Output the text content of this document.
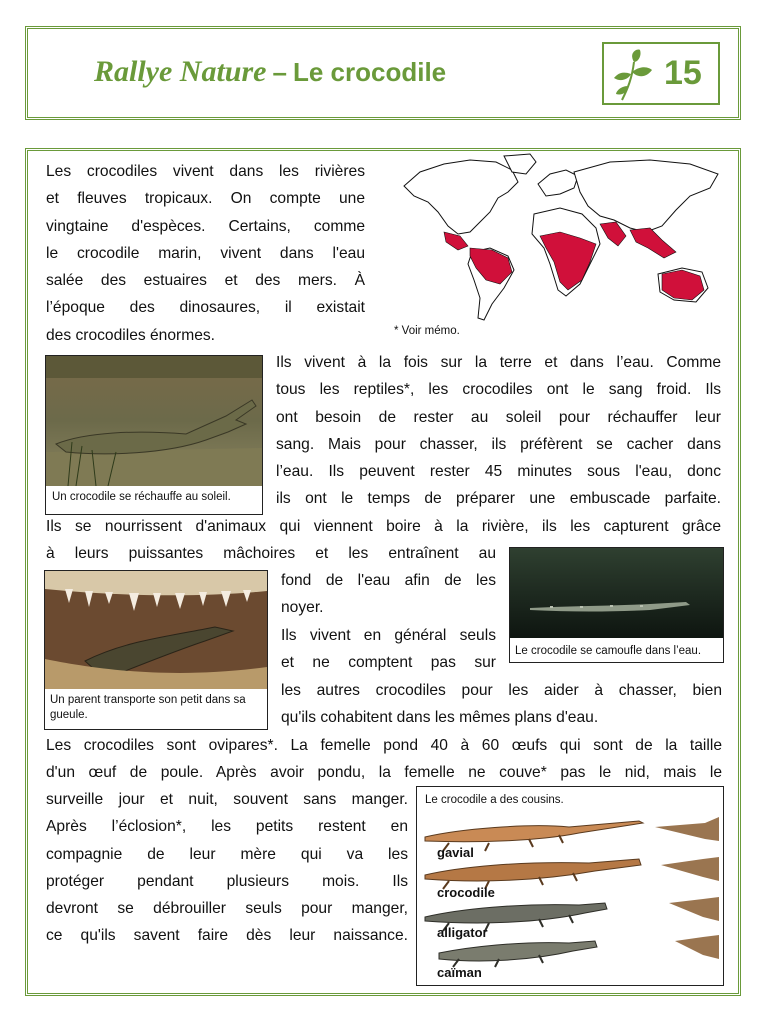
Rallye Nature – Le crocodile	15
Les crocodiles vivent dans les rivières
et fleuves tropicaux. On compte une
vingtaine d'espèces. Certains, comme
le crocodile marin, vivent dans l'eau
salée des estuaires et des mers. À
l’époque des dinosaures, il existait
des crocodiles énormes.	* Voir mémo.
Un crocodile se réchauffe au soleil.
Ils vivent à la fois sur la terre et dans l’eau. Comme
tous les reptiles*, les crocodiles ont le sang froid. Ils
ont besoin de rester au soleil pour réchauffer leur
sang. Mais pour chasser, ils préfèrent se cacher dans
l’eau. Ils peuvent rester 45 minutes sous l'eau, donc
ils ont le temps de préparer une embuscade parfaite.
Ils se nourrissent d'animaux qui viennent boire à la rivière, ils les capturent grâce
à leurs puissantes mâchoires et les entraînent au
Le crocodile se camoufle dans l’eau.
Un parent transporte son petit dans sa gueule.
fond de l'eau afin de les
noyer.
Ils vivent en général seuls
et ne comptent pas sur
les autres crocodiles pour les aider à chasser, bien
qu'ils cohabitent dans les mêmes plans d'eau.
Les crocodiles sont ovipares*. La femelle pond 40 à 60 œufs qui sont de la taille
d'un œuf de poule. Après avoir pondu, la femelle ne couve* pas le nid, mais le
surveille jour et nuit, souvent sans manger.
Après l’éclosion*, les petits restent en
compagnie de leur mère qui va les
protéger pendant plusieurs mois. Ils
devront se débrouiller seuls pour manger,
ce qu'ils savent faire dès leur naissance.
Le crocodile a des cousins.
gavial
crocodile
alligator
caïman
